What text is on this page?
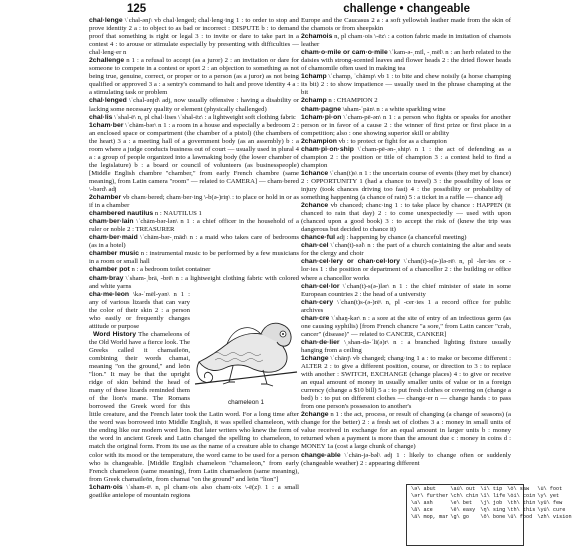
125	challenge • changeable

chal·lenge \ˈchal-ənj\ vb chal·lenged; chal·leng·ing 1 : to order to stop and prove identity 2 a : to object to as bad or incorrect : DISPUTE b : to demand proof that something is right or legal 3 : to invite or dare to take part in a contest 4 : to arouse or stimulate especially by presenting with difficulties — chal·leng·er n

2challenge n 1 : a refusal to accept (as a juror) 2 : an invitation or dare for someone to compete in a contest or sport 2 : an objection to something as not being true, genuine, correct, or proper or to a person (as a juror) as not being qualified or approved 3 a : a sentry's command to halt and prove identity 4 a : a stimulating task or problem

chal·lenged \ˈchal-ənjd\ adj, now usually offensive : having a disability or lacking some necessary quality or element (physically challenged)

chal·lis \ˈshal-ē\ n, pl chal·lises \ˈshal-ēz\ : a lightweight soft clothing fabric

1cham·ber \ˈchām-bər\ n 1 : a room in a house and especially a bedroom 2 : an enclosed space or compartment (the chamber of a pistol) (the chambers of the heart) 3 a : a meeting hall of a government body (as an assembly) b : a room where a judge conducts business out of court — usually used in plural 4 a : a group of people organized into a lawmaking body (the lower chamber of the legislature) b : a board or council of volunteers (as businesspeople) [Middle English chambre "chamber," from early French chambre (same meaning), from Latin camera "room" — related to CAMERA] — cham·bered \-bərd\ adj

2chamber vb cham·bered; cham·ber·ing \-b(ə-)riŋ\ : to place or hold in or as if in a chamber

chambered nautilus n : NAUTILUS 1

cham·ber·lain \ˈchām-bər-lən\ n 1 : a chief officer in the household of a ruler or noble 2 : TREASURER

cham·ber·maid \ˈchām-bər-ˌmād\ n : a maid who takes care of bedrooms (as in a hotel)

chamber music n : instrumental music to be performed by a few musicians in a room or small hall

chamber pot n : a bedroom toilet container

cham·bray \ˈsham-ˌbrā, -brē\ n : a lightweight clothing fabric with colored and white yarns

chameleon 1
cha·me·leon \kə-ˈmēl-yən\ n 1 : any of various lizards that can vary the color of their skin 2 : a person who easily or frequently changes attitude or purpose

Word History The chameleons of the Old World have a fierce look. The Greeks called it chamaileōn, combining their words chamai, meaning "on the ground," and leōn "lion." It may be that the upright ridge of skin behind the head of many of these lizards reminded them of the lion's mane. The Romans borrowed the Greek word for this little creature, and the French later took the Latin word. For a long time after the word was borrowed into Middle English, it was spelled chameleon, with the ending like our modern word lion. But later writers who knew the form of the word in ancient Greek and Latin changed the spelling to chameleon, to match the original form. From its use as the name of a creature able to change color with its mood or the temperature, the word came to be used for a person who is changeable. [Middle English chameleon "chameleon," from early French chameleon (same meaning), from Latin chamaeleon (same meaning), from Greek chamaileōn, from chamai "on the ground" and leōn "lion"]

1cham·ois \ˈsham-ē\ n, pl cham·ois also cham·oix \-ē(z)\ 1 : a small goatlike antelope of mountain regions

Europe and the Caucasus 2 a : a soft yellowish leather made from the skin of the chamois or from sheepskin

2chamois n, pl cham·ois \-ēz\ : a cotton fabric made in imitation of chamois leather

cham·o·mile or cam·o·mile \ˈkam-ə-ˌmīl, -ˌmēl\ n : an herb related to the daisies with strong-scented leaves and flower heads 2 : the dried flower heads of chamomile often used in making tea

1champ \ˈchamp, ˈchämp\ vb 1 : to bite and chew noisily (a horse champing its bit) 2 : to show impatience — usually used in the phrase champing at the bit

2champ n : CHAMPION 2

cham·pagne \sham-ˈpān\ n : a white sparkling wine

1cham·pi·on \ˈcham-pē-ən\ n 1 : a person who fights or speaks for another person or in favor of a cause 2 : the winner of first prize or first place in a competition; also : one showing superior skill or ability

2champion vb : to protect or fight for as a champion

cham·pi·on·ship \ˈcham-pē-ən-ˌship\ n 1 : the act of defending as a champion 2 : the position or title of champion 3 : a contest held to find a champion

1chance \ˈchan(t)s\ n 1 : the uncertain course of events (they met by chance) 2 : OPPORTUNITY 1 (had a chance to travel) 3 : the possibility of loss or injury (took chances driving too fast) 4 : the possibility or probability of something happening (a chance of rain) 5 : a ticket in a raffle — chance adj

2chance vb chanced; chanc·ing 1 : to take place by chance : HAPPEN (it chanced to rain that day) 2 : to come unexpectedly — used with upon (chanced upon a good book) 3 : to accept the risk of (knew the trip was dangerous but decided to chance it)

chance·ful adj : happening by chance (a chanceful meeting)

chan·cel \ˈchan(t)-səl\ n : the part of a church containing the altar and seats for the clergy and choir

chan·cel·lery or chan·cel·lory \ˈchan(t)-s(ə-)lə-rē\ n, pl -ler·ies or -lor·ies 1 : the position or department of a chancellor 2 : the building or office where a chancellor works

chan·cel·lor \ˈchan(t)-s(ə-)lər\ n 1 : the chief minister of state in some European countries 2 : the head of a university

chan·cery \ˈchan(t)s-(ə-)rē\ n, pl -cer·ies 1 a record office for public archives

chan·cre \ˈshaŋ-kər\ n : a sore at the site of entry of an infectious germ (as one causing syphilis) [from French chancre "a sore," from Latin cancer "crab, cancer" (disease)" — related to CANCER, CANKER]

chan·de·lier \ˌshan-də-ˈli(ə)r\ n : a branched lighting fixture usually hanging from a ceiling

1change \ˈchānj\ vb changed; chang·ing 1 a : to make or become different : ALTER 2 : to give a different position, course, or direction to 3 : to replace with another : SWITCH, EXCHANGE (change places) 4 : to give or receive an equal amount of money in usually smaller units of value or in a foreign currency (change a $10 bill) 5 a : to put fresh clothes or covering on (change a bed) b : to put on different clothes — change·er n — change hands : to pass from one person's possession to another's

2change n 1 : the act, process, or result of changing (a change of seasons) (a change for the better) 2 : a fresh set of clothes 3 a : money in small units of value received in exchange for an equal amount in larger units b : money returned when a payment is more than the amount due c : money in coins d : MONEY 1a (cost a large chunk of change)

change·able \ˈchān-jə-bəl\ adj 1 : likely to change often or suddenly (changeable weather) 2 : appearing different

\ə\ abut	\au̇\ out	\i\ tip	\ȯ\ saw	\u̇\ foot
\ər\ further	\ch\ chin	\ī\ life	\ȯi\ coin	\y\ yet
\a\ ash	\e\ bet	\j\ job	\th\ thin	\yü\ few
\ā\ ace	\ē\ easy	\ŋ\ sing	\th\ this	\yu̇\ cure
\ä\ mop, mar	\g\ go	\ō\ bone	\ü\ food	\zh\ vision
